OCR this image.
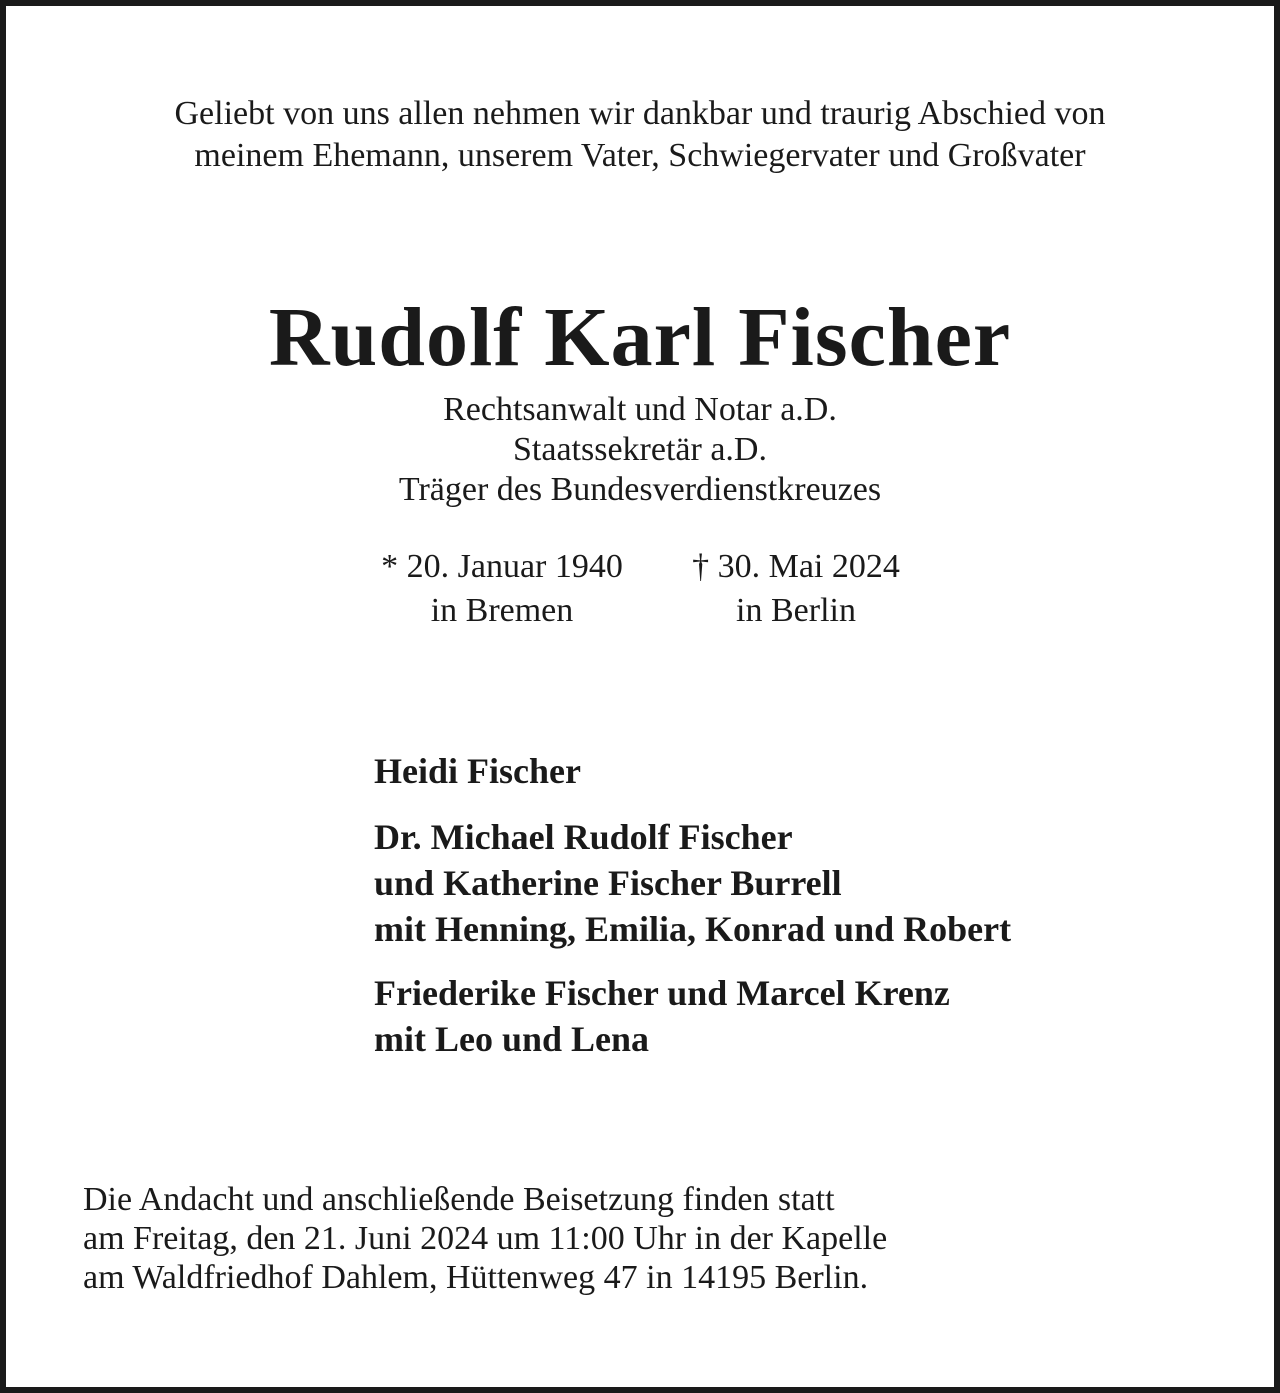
Geliebt von uns allen nehmen wir dankbar und traurig Abschied von
meinem Ehemann, unserem Vater, Schwiegervater und Großvater
Rudolf Karl Fischer
Rechtsanwalt und Notar a.D.
Staatssekretär a.D.
Träger des Bundesverdienstkreuzes
* 20. Januar 1940
in Bremen
† 30. Mai 2024
in Berlin
Heidi Fischer
Dr. Michael Rudolf Fischer
und Katherine Fischer Burrell
mit Henning, Emilia, Konrad und Robert
Friederike Fischer und Marcel Krenz
mit Leo und Lena
Die Andacht und anschließende Beisetzung finden statt
am Freitag, den 21. Juni 2024 um 11:00 Uhr in der Kapelle
am Waldfriedhof Dahlem, Hüttenweg 47 in 14195 Berlin.
